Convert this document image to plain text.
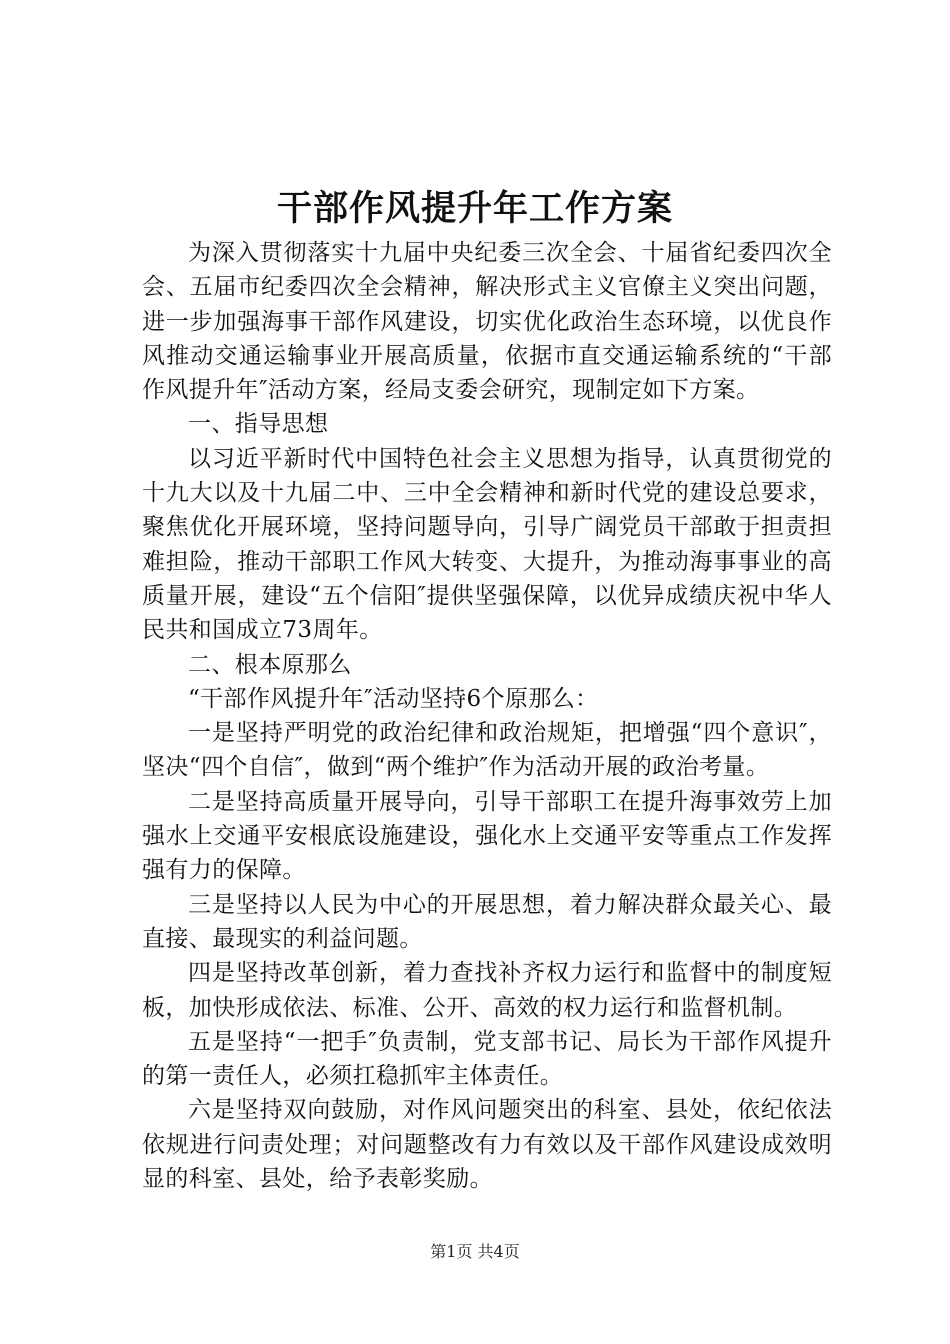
干部作风提升年工作方案

为深入贯彻落实十九届中央纪委三次全会、十届省纪委四次全会、五届市纪委四次全会精神，解决形式主义官僚主义突出问题，进一步加强海事干部作风建设，切实优化政治生态环境，以优良作风推动交通运输事业开展高质量，依据市直交通运输系统的“干部作风提升年″活动方案，经局支委会研究，现制定如下方案。

一、指导思想

以习近平新时代中国特色社会主义思想为指导，认真贯彻党的十九大以及十九届二中、三中全会精神和新时代党的建设总要求，聚焦优化开展环境，坚持问题导向，引导广阔党员干部敢于担责担难担险，推动干部职工作风大转变、大提升，为推动海事事业的高质量开展，建设“五个信阳″提供坚强保障，以优异成绩庆祝中华人民共和国成立73周年。

二、根本原那么

“干部作风提升年″活动坚持6个原那么：

一是坚持严明党的政治纪律和政治规矩，把增强“四个意识″，坚决“四个自信″，做到“两个维护″作为活动开展的政治考量。

二是坚持高质量开展导向，引导干部职工在提升海事效劳上加强水上交通平安根底设施建设，强化水上交通平安等重点工作发挥强有力的保障。

三是坚持以人民为中心的开展思想，着力解决群众最关心、最直接、最现实的利益问题。

四是坚持改革创新，着力查找补齐权力运行和监督中的制度短板，加快形成依法、标准、公开、高效的权力运行和监督机制。

五是坚持“一把手″负责制，党支部书记、局长为干部作风提升的第一责任人，必须扛稳抓牢主体责任。

六是坚持双向鼓励，对作风问题突出的科室、县处，依纪依法依规进行问责处理；对问题整改有力有效以及干部作风建设成效明显的科室、县处，给予表彰奖励。

第1页 共4页
